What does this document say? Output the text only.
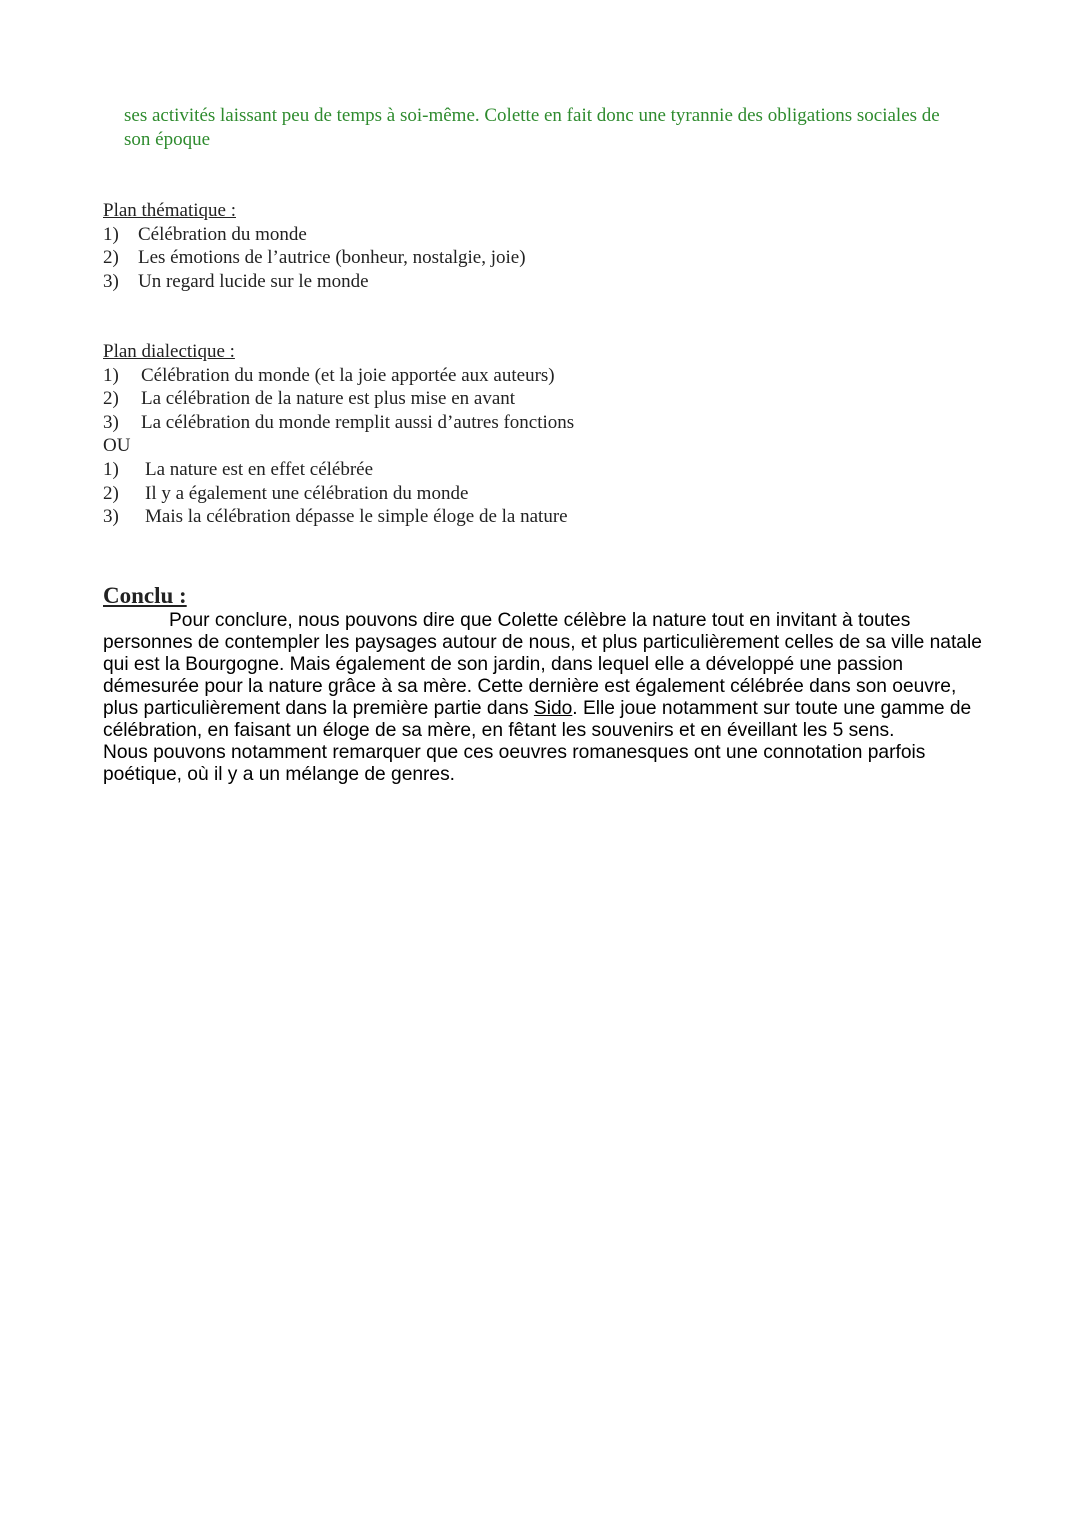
ses activités laissant peu de temps à soi-même. Colette en fait donc une tyrannie des obligations sociales de
son époque
Plan thématique :
1)	Célébration du monde
2)	Les émotions de l’autrice (bonheur, nostalgie, joie)
3)	Un regard lucide sur le monde
Plan dialectique :
1)	Célébration du monde (et la joie apportée aux auteurs)
2)	La célébration de la nature est plus mise en avant
3)	La célébration du monde remplit aussi d’autres fonctions
OU
1)	La nature est en effet célébrée
2)	Il y a également une célébration du monde
3)	Mais la célébration dépasse le simple éloge de la nature
Conclu :

Pour conclure, nous pouvons dire que Colette célèbre la nature tout en invitant à toutes personnes de contempler les paysages autour de nous, et plus particulièrement celles de sa ville natale qui est la Bourgogne. Mais également de son jardin, dans lequel elle a développé une passion démesurée pour la nature grâce à sa mère. Cette dernière est également célébrée dans son oeuvre, plus particulièrement dans la première partie dans Sido. Elle joue notamment sur toute une gamme de célébration, en faisant un éloge de sa mère, en fêtant les souvenirs et en éveillant les 5 sens.

Nous pouvons notamment remarquer que ces oeuvres romanesques ont une connotation parfois poétique, où il y a un mélange de genres.
